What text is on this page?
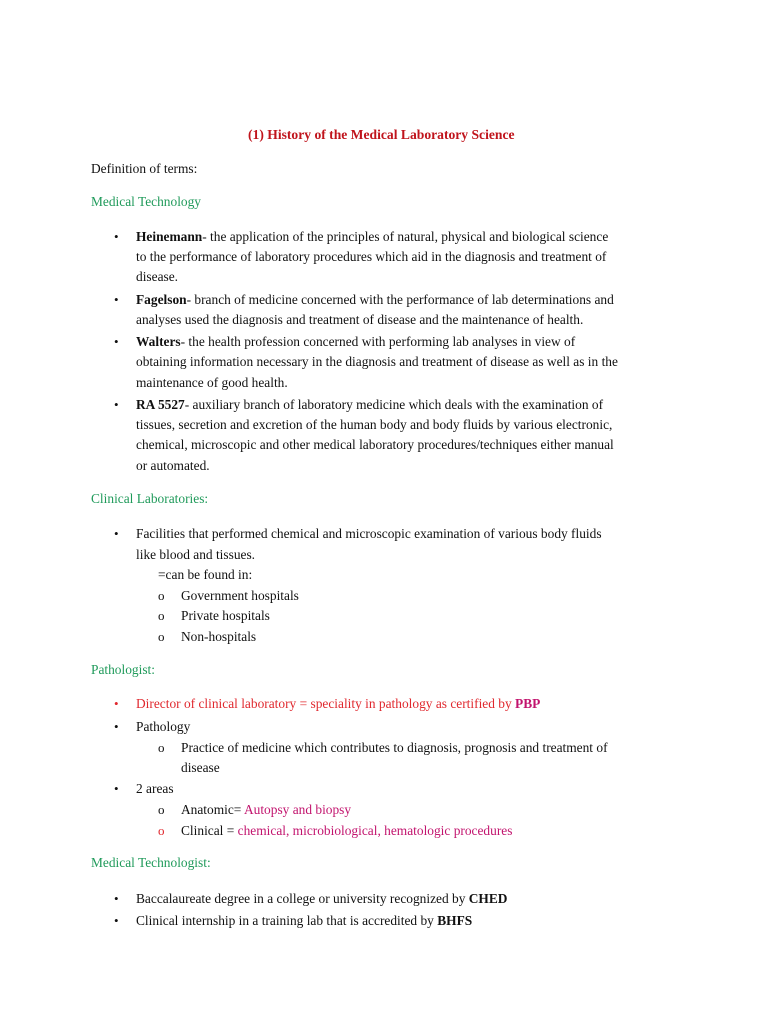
(1) History of the Medical Laboratory Science
Definition of terms:
Medical Technology
• Heinemann- the application of the principles of natural, physical and biological science
to the performance of laboratory procedures which aid in the diagnosis and treatment of
disease.
• Fagelson- branch of medicine concerned with the performance of lab determinations and
analyses used the diagnosis and treatment of disease and the maintenance of health.
• Walters- the health profession concerned with performing lab analyses in view of
obtaining information necessary in the diagnosis and treatment of disease as well as in the
maintenance of good health.
• RA 5527- auxiliary branch of laboratory medicine which deals with the examination of
tissues, secretion and excretion of the human body and body fluids by various electronic,
chemical, microscopic and other medical laboratory procedures/techniques either manual
or automated.
Clinical Laboratories:
• Facilities that performed chemical and microscopic examination of various body fluids
like blood and tissues.
=can be found in:
o Government hospitals
o Private hospitals
o Non-hospitals
Pathologist:
• Director of clinical laboratory = speciality in pathology as certified by PBP
• Pathology
o Practice of medicine which contributes to diagnosis, prognosis and treatment of
disease
• 2 areas
o Anatomic= Autopsy and biopsy
o Clinical = chemical, microbiological, hematologic procedures
Medical Technologist:
• Baccalaureate degree in a college or university recognized by CHED
• Clinical internship in a training lab that is accredited by BHFS
